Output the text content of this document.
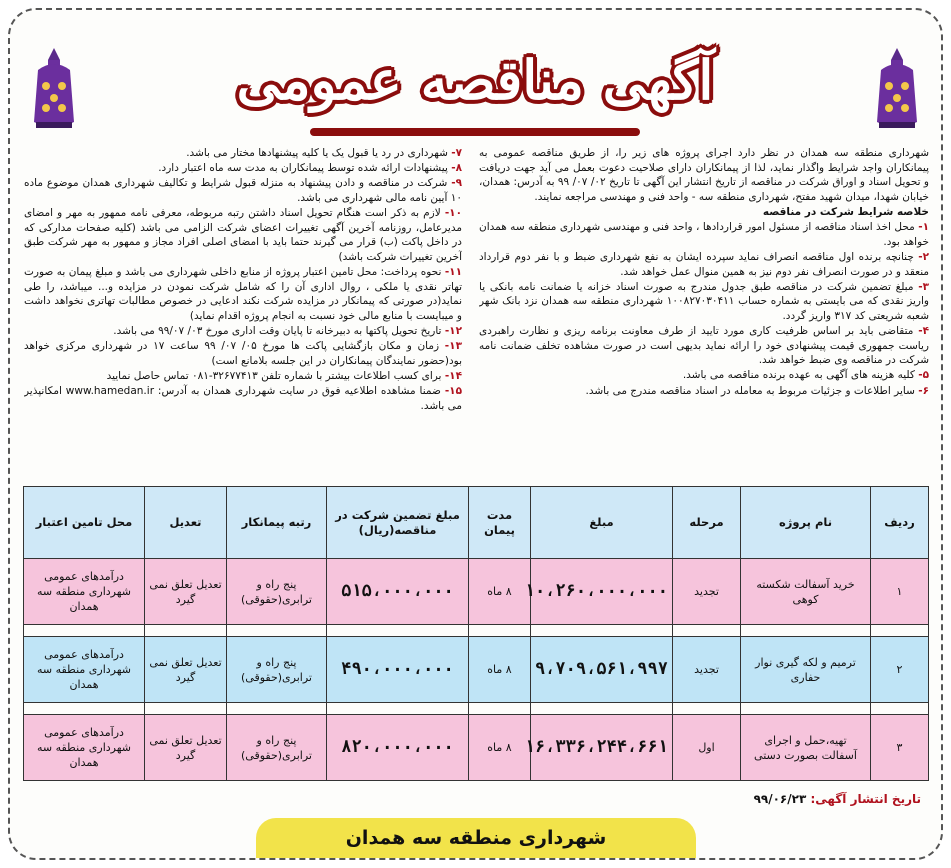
آگهی مناقصه عمومی

شهرداری منطقه سه همدان در نظر دارد اجرای پروژه های زیر را، از طریق مناقصه عمومی به پیمانکاران واجد شرایط واگذار نماید، لذا از پیمانکاران دارای صلاحیت دعوت بعمل می آید جهت دریافت و تحویل اسناد و اوراق شرکت در مناقصه از تاریخ انتشار این آگهی تا تاریخ ۰۲/ ۰۷/ ۹۹ به آدرس: همدان، خیابان شهدا، میدان شهید مفتح، شهرداری منطقه سه - واحد فنی و مهندسی مراجعه نمایند.

خلاصه شرایط شرکت در مناقصه

۱- محل اخذ اسناد مناقصه از مسئول امور قراردادها ، واحد فنی و مهندسی شهرداری منطقه سه همدان خواهد بود.

۲- چنانچه برنده اول مناقصه انصراف نماید سپرده ایشان به نفع شهرداری ضبط و با نفر دوم قرارداد منعقد و در صورت انصراف نفر دوم نیز به همین منوال عمل خواهد شد.

۳- مبلغ تضمین شرکت در مناقصه طبق جدول مندرج به صورت اسناد خزانه یا ضمانت نامه بانکی یا واریز نقدی که می بایستی به شماره حساب ۱۰۰۸۲۷۰۳۰۴۱۱ شهرداری منطقه سه همدان نزد بانک شهر شعبه شریعتی کد ۳۱۷ واریز گردد.

۴- متقاضی باید بر اساس ظرفیت کاری مورد تایید از طرف معاونت برنامه ریزی و نظارت راهبردی ریاست جمهوری قیمت پیشنهادی خود را ارائه نماید بدیهی است در صورت مشاهده تخلف ضمانت نامه شرکت در مناقصه وی ضبط خواهد شد.

۵- کلیه هزینه های آگهی به عهده برنده مناقصه می باشد.

۶- سایر اطلاعات و جزئیات مربوط به معامله در اسناد مناقصه مندرج می باشد.

۷- شهرداری در رد یا قبول یک یا کلیه پیشنهادها مختار می باشد.

۸- پیشنهادات ارائه شده توسط پیمانکاران به مدت سه ماه اعتبار دارد.

۹- شرکت در مناقصه و دادن پیشنهاد به منزله قبول شرایط و تکالیف شهرداری همدان موضوع ماده ۱۰ آیین نامه مالی شهرداری می باشد.

۱۰- لازم به ذکر است هنگام تحویل اسناد داشتن رتبه مربوطه، معرفی نامه ممهور به مهر و امضای مدیرعامل، روزنامه آخرین آگهی تغییرات اعضای شرکت الزامی می باشد (کلیه صفحات مدارکی که در داخل پاکت (ب) قرار می گیرند حتما باید با امضای اصلی افراد مجاز و ممهور به مهر شرکت طبق آخرین تغییرات شرکت باشد)

۱۱- نحوه پرداخت: محل تامین اعتبار پروژه از منابع داخلی شهرداری می باشد و مبلغ پیمان به صورت تهاتر نقدی یا ملکی ، روال اداری آن را که شامل شرکت نمودن در مزایده و... میباشد، را طی نماید(در صورتی که پیمانکار در مزایده شرکت نکند ادعایی در خصوص مطالبات تهاتری نخواهد داشت و میبایست با منابع مالی خود نسبت به انجام پروژه اقدام نماید)

۱۲- تاریخ تحویل پاکتها به دبیرخانه تا پایان وقت اداری مورخ ۰۳/ ۹۹/۰۷ می باشد.

۱۳- زمان و مکان بازگشایی پاکت ها مورخ ۰۵/ ۰۷/ ۹۹ ساعت ۱۷ در شهرداری مرکزی خواهد بود(حضور نمایندگان پیمانکاران در این جلسه بلامانع است)

۱۴- برای کسب اطلاعات بیشتر با شماره تلفن ۳۲۶۷۷۴۱۳-۰۸۱ تماس حاصل نمایید

۱۵- ضمنا مشاهده اطلاعیه فوق در سایت شهرداری همدان به آدرس: www.hamedan.ir امکانپذیر می باشد.

ردیف	نام پروژه	مرحله	مبلغ	مدت پیمان	مبلغ تضمین شرکت در مناقصه(ریال)	رتبه پیمانکار	تعدیل	محل تامین اعتبار
۱	خرید آسفالت شکسته کوهی	تجدید	۱۰،۲۶۰،۰۰۰،۰۰۰	۸ ماه	۵۱۵،۰۰۰،۰۰۰	پنج راه و ترابری(حقوقی)	تعدیل تعلق نمی گیرد	درآمدهای عمومی شهرداری منطقه سه همدان

۲	ترمیم و لکه گیری نوار حفاری	تجدید	۹،۷۰۹،۵۶۱،۹۹۷	۸ ماه	۴۹۰،۰۰۰،۰۰۰	پنج راه و ترابری(حقوقی)	تعدیل تعلق نمی گیرد	درآمدهای عمومی شهرداری منطقه سه همدان

۳	تهیه،حمل و اجرای آسفالت بصورت دستی	اول	۱۶،۳۳۶،۲۴۴،۶۶۱	۸ ماه	۸۲۰،۰۰۰،۰۰۰	پنج راه و ترابری(حقوقی)	تعدیل تعلق نمی گیرد	درآمدهای عمومی شهرداری منطقه سه همدان
تاریخ انتشار آگهی: ۹۹/۰۶/۲۳
شهرداری منطقه سه همدان
